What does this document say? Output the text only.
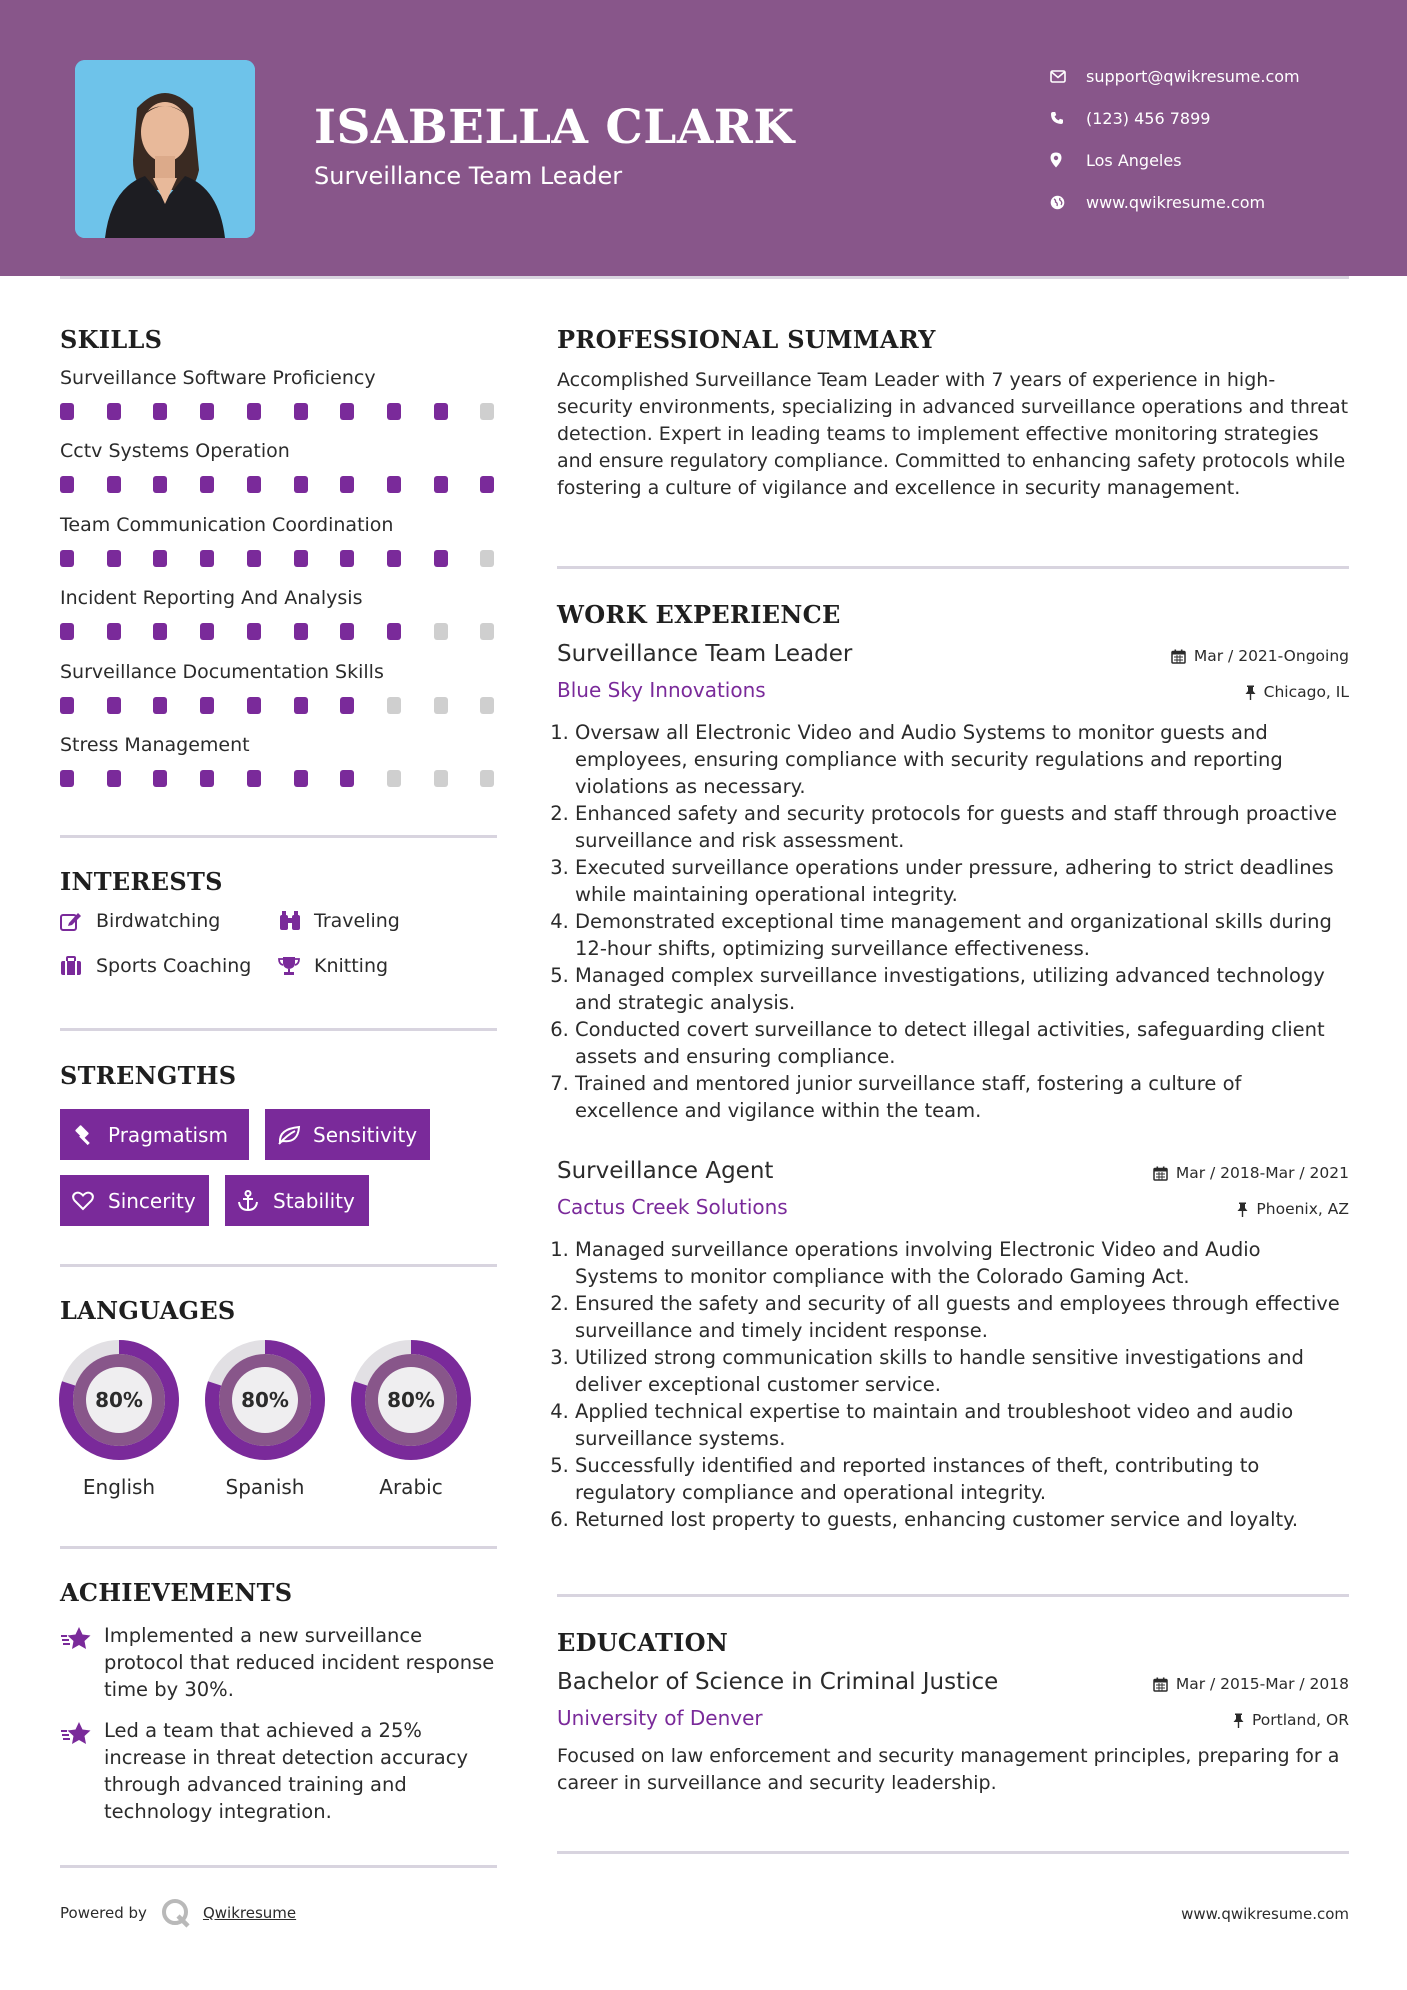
ISABELLA CLARK
Surveillance Team Leader
support@qwikresume.com
(123) 456 7899
Los Angeles
www.qwikresume.com
SKILLS
Surveillance Software Proficiency
Cctv Systems Operation
Team Communication Coordination
Incident Reporting And Analysis
Surveillance Documentation Skills
Stress Management
INTERESTS
Birdwatching	Traveling
Sports Coaching	Knitting
STRENGTHS
Pragmatism	Sensitivity
Sincerity	Stability
LANGUAGES
80%
English
80%
Spanish
80%
Arabic
ACHIEVEMENTS
Implemented a new surveillance protocol that reduced incident response time by 30%.
Led a team that achieved a 25% increase in threat detection accuracy through advanced training and technology integration.
PROFESSIONAL SUMMARY
Accomplished Surveillance Team Leader with 7 years of experience in high-security environments, specializing in advanced surveillance operations and threat detection. Expert in leading teams to implement effective monitoring strategies and ensure regulatory compliance. Committed to enhancing safety protocols while fostering a culture of vigilance and excellence in security management.
WORK EXPERIENCE
Surveillance Team Leader	Mar / 2021-Ongoing
Blue Sky Innovations	Chicago, IL
1. Oversaw all Electronic Video and Audio Systems to monitor guests and employees, ensuring compliance with security regulations and reporting violations as necessary.
2. Enhanced safety and security protocols for guests and staff through proactive surveillance and risk assessment.
3. Executed surveillance operations under pressure, adhering to strict deadlines while maintaining operational integrity.
4. Demonstrated exceptional time management and organizational skills during 12-hour shifts, optimizing surveillance effectiveness.
5. Managed complex surveillance investigations, utilizing advanced technology and strategic analysis.
6. Conducted covert surveillance to detect illegal activities, safeguarding client assets and ensuring compliance.
7. Trained and mentored junior surveillance staff, fostering a culture of excellence and vigilance within the team.
Surveillance Agent	Mar / 2018-Mar / 2021
Cactus Creek Solutions	Phoenix, AZ
1. Managed surveillance operations involving Electronic Video and Audio Systems to monitor compliance with the Colorado Gaming Act.
2. Ensured the safety and security of all guests and employees through effective surveillance and timely incident response.
3. Utilized strong communication skills to handle sensitive investigations and deliver exceptional customer service.
4. Applied technical expertise to maintain and troubleshoot video and audio surveillance systems.
5. Successfully identified and reported instances of theft, contributing to regulatory compliance and operational integrity.
6. Returned lost property to guests, enhancing customer service and loyalty.
EDUCATION
Bachelor of Science in Criminal Justice	Mar / 2015-Mar / 2018
University of Denver	Portland, OR
Focused on law enforcement and security management principles, preparing for a career in surveillance and security leadership.
Powered by	Qwikresume	www.qwikresume.com
